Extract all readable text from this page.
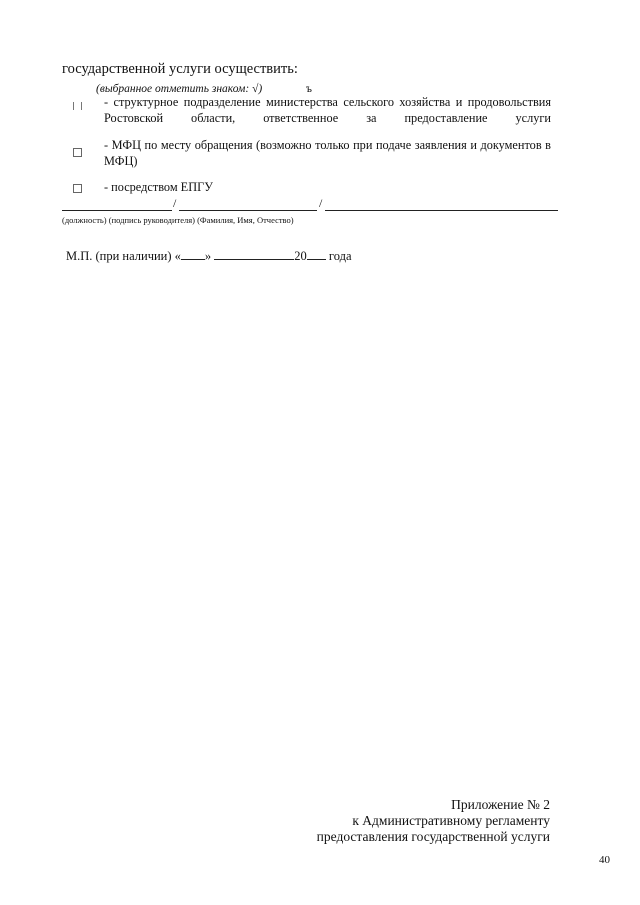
государственной услуги осуществить:
(выбранное отметить знаком: √)	ъ
- структурное подразделение министерства сельского хозяйства и продовольствия Ростовской области, ответственное за предоставление услуги
- МФЦ по месту обращения (возможно только при подаче заявления и документов в МФЦ)
- посредством ЕПГУ
/	/
(должность) (подпись руководителя) (Фамилия, Имя, Отчество)
М.П. (при наличии) « »	20 года
Приложение № 2
к Административному регламенту
предоставления государственной услуги
40
